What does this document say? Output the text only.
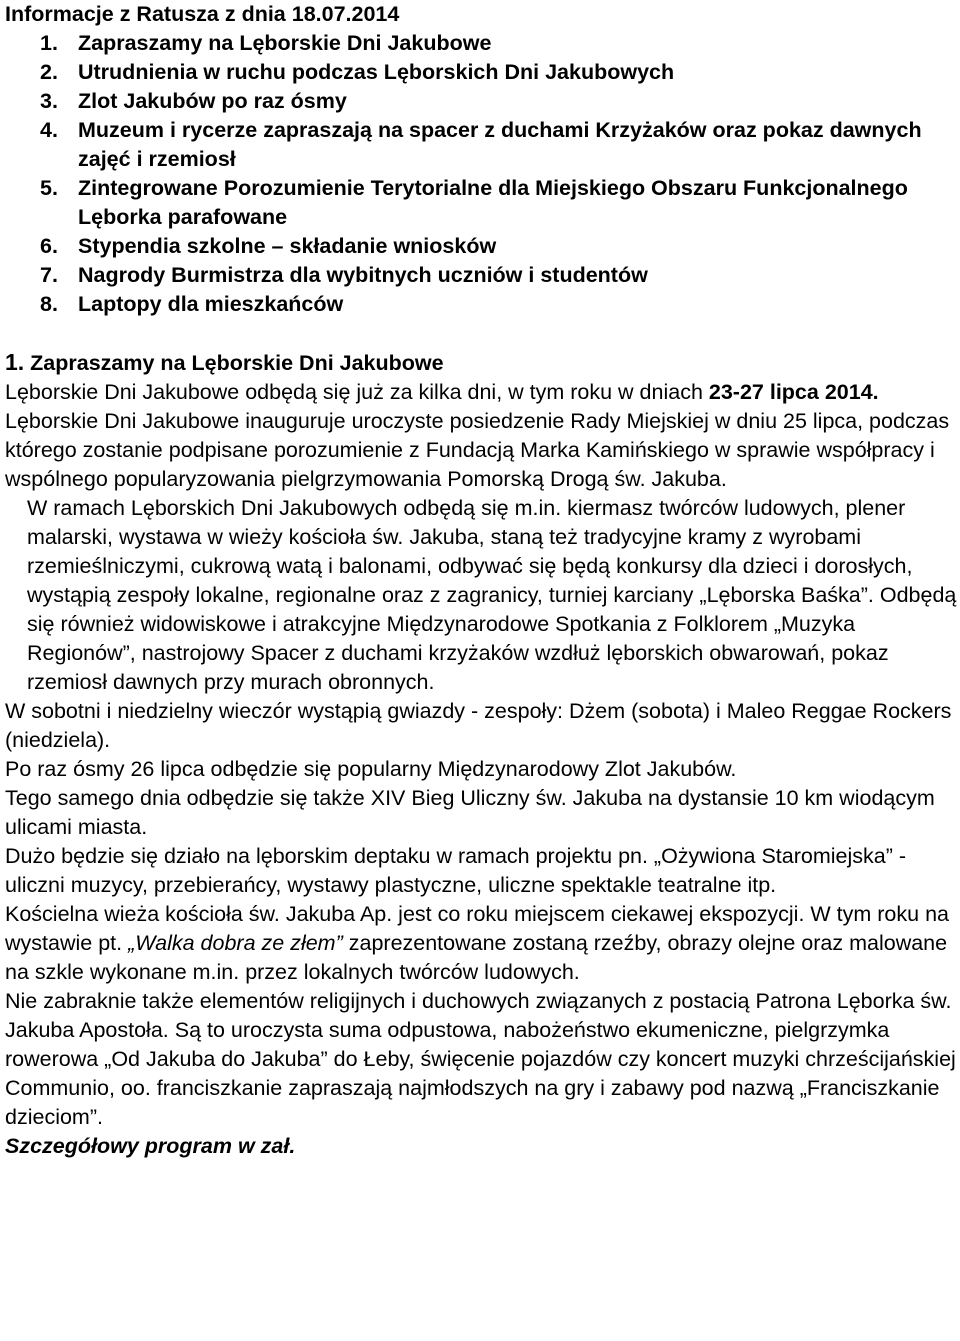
Informacje z Ratusza z dnia 18.07.2014
1. Zapraszamy na Lęborskie Dni Jakubowe
2. Utrudnienia w ruchu podczas Lęborskich Dni Jakubowych
3. Zlot Jakubów po raz ósmy
4. Muzeum i rycerze zapraszają na spacer z duchami Krzyżaków oraz pokaz dawnych zajęć i rzemiosł
5. Zintegrowane Porozumienie Terytorialne dla Miejskiego Obszaru Funkcjonalnego Lęborka parafowane
6. Stypendia szkolne – składanie wniosków
7. Nagrody Burmistrza dla wybitnych uczniów i studentów
8. Laptopy dla mieszkańców
1. Zapraszamy na Lęborskie Dni Jakubowe

Lęborskie Dni Jakubowe odbędą się już za kilka dni, w tym roku w dniach 23-27 lipca 2014.

Lęborskie Dni Jakubowe inauguruje uroczyste posiedzenie Rady Miejskiej w dniu 25 lipca, podczas którego zostanie podpisane porozumienie z Fundacją Marka Kamińskiego w sprawie współpracy i wspólnego popularyzowania pielgrzymowania Pomorską Drogą św. Jakuba.

W ramach Lęborskich Dni Jakubowych odbędą się m.in. kiermasz twórców ludowych, plener malarski, wystawa w wieży kościoła św. Jakuba, staną też tradycyjne kramy z wyrobami rzemieślniczymi, cukrową watą i balonami, odbywać się będą konkursy dla dzieci i dorosłych, wystąpią zespoły lokalne, regionalne oraz z zagranicy, turniej karciany „Lęborska Baśka”. Odbędą się również widowiskowe i atrakcyjne Międzynarodowe Spotkania z Folklorem „Muzyka Regionów”, nastrojowy Spacer z duchami krzyżaków wzdłuż lęborskich obwarowań, pokaz rzemiosł dawnych przy murach obronnych.

W sobotni i niedzielny wieczór wystąpią gwiazdy - zespoły: Dżem (sobota) i Maleo Reggae Rockers (niedziela).

Po raz ósmy 26 lipca odbędzie się popularny Międzynarodowy Zlot Jakubów.

Tego samego dnia odbędzie się także XIV Bieg Uliczny św. Jakuba na dystansie 10 km wiodącym ulicami miasta.

Dużo będzie się działo na lęborskim deptaku w ramach projektu pn. „Ożywiona Staromiejska” - uliczni muzycy, przebierańcy, wystawy plastyczne, uliczne spektakle teatralne itp.

Kościelna wieża kościoła św. Jakuba Ap. jest co roku miejscem ciekawej ekspozycji. W tym roku na wystawie pt. „Walka dobra ze złem” zaprezentowane zostaną rzeźby, obrazy olejne oraz malowane na szkle wykonane m.in. przez lokalnych twórców ludowych.

Nie zabraknie także elementów religijnych i duchowych związanych z postacią Patrona Lęborka św. Jakuba Apostoła. Są to uroczysta suma odpustowa, nabożeństwo ekumeniczne, pielgrzymka rowerowa „Od Jakuba do Jakuba” do Łeby, święcenie pojazdów czy koncert muzyki chrześcijańskiej Communio, oo. franciszkanie zapraszają najmłodszych na gry i zabawy pod nazwą „Franciszkanie dzieciom”.

Szczegółowy program w zał.
